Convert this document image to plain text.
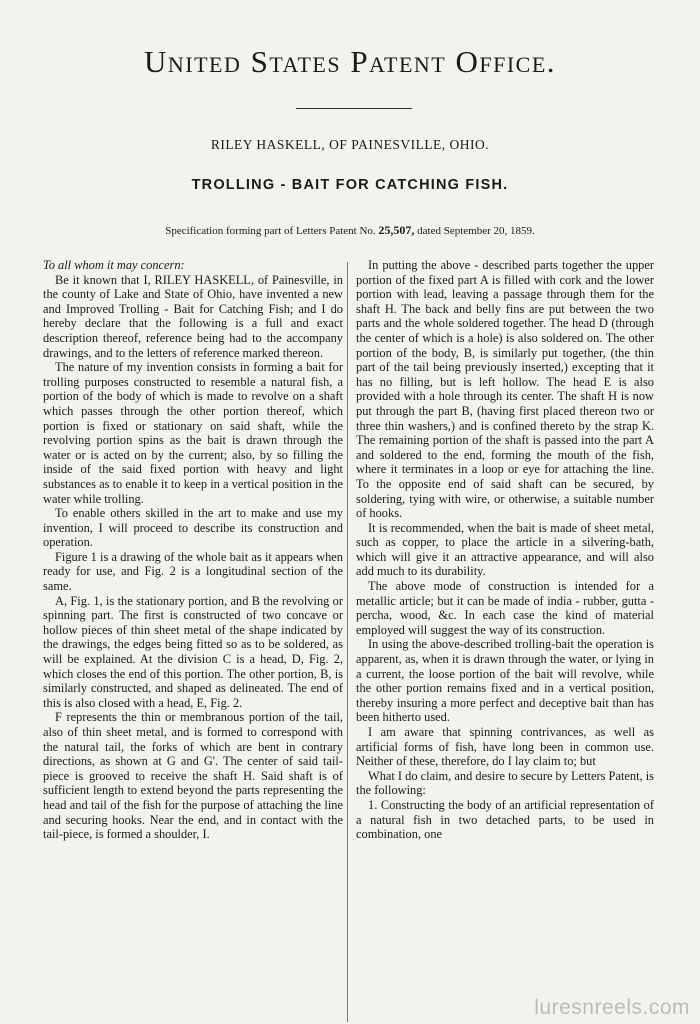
United States Patent Office.
RILEY HASKELL, OF PAINESVILLE, OHIO.
TROLLING - BAIT FOR CATCHING FISH.
Specification forming part of Letters Patent No. 25,507, dated September 20, 1859.

To all whom it may concern:

Be it known that I, RILEY HASKELL, of Painesville, in the county of Lake and State of Ohio, have invented a new and Improved Trolling - Bait for Catching Fish; and I do hereby declare that the following is a full and exact description thereof, reference being had to the accompany drawings, and to the letters of reference marked thereon.

The nature of my invention consists in forming a bait for trolling purposes constructed to resemble a natural fish, a portion of the body of which is made to revolve on a shaft which passes through the other portion thereof, which portion is fixed or stationary on said shaft, while the revolving portion spins as the bait is drawn through the water or is acted on by the current; also, by so filling the inside of the said fixed portion with heavy and light substances as to enable it to keep in a vertical position in the water while trolling.

To enable others skilled in the art to make and use my invention, I will proceed to describe its construction and operation.

Figure 1 is a drawing of the whole bait as it appears when ready for use, and Fig. 2 is a longitudinal section of the same.

A, Fig. 1, is the stationary portion, and B the revolving or spinning part. The first is constructed of two concave or hollow pieces of thin sheet metal of the shape indicated by the drawings, the edges being fitted so as to be soldered, as will be explained. At the division C is a head, D, Fig. 2, which closes the end of this portion. The other portion, B, is similarly constructed, and shaped as delineated. The end of this is also closed with a head, E, Fig. 2.

F represents the thin or membranous portion of the tail, also of thin sheet metal, and is formed to correspond with the natural tail, the forks of which are bent in contrary directions, as shown at G and G'. The center of said tail-piece is grooved to receive the shaft H. Said shaft is of sufficient length to extend beyond the parts representing the head and tail of the fish for the purpose of attaching the line and securing hooks. Near the end, and in contact with the tail-piece, is formed a shoulder, I.

In putting the above - described parts together the upper portion of the fixed part A is filled with cork and the lower portion with lead, leaving a passage through them for the shaft H. The back and belly fins are put between the two parts and the whole soldered together. The head D (through the center of which is a hole) is also soldered on. The other portion of the body, B, is similarly put together, (the thin part of the tail being previously inserted,) excepting that it has no filling, but is left hollow. The head E is also provided with a hole through its center. The shaft H is now put through the part B, (having first placed thereon two or three thin washers,) and is confined thereto by the strap K. The remaining portion of the shaft is passed into the part A and soldered to the end, forming the mouth of the fish, where it terminates in a loop or eye for attaching the line. To the opposite end of said shaft can be secured, by soldering, tying with wire, or otherwise, a suitable number of hooks.

It is recommended, when the bait is made of sheet metal, such as copper, to place the article in a silvering-bath, which will give it an attractive appearance, and will also add much to its durability.

The above mode of construction is intended for a metallic article; but it can be made of india - rubber, gutta - percha, wood, &c. In each case the kind of material employed will suggest the way of its construction.

In using the above-described trolling-bait the operation is apparent, as, when it is drawn through the water, or lying in a current, the loose portion of the bait will revolve, while the other portion remains fixed and in a vertical position, thereby insuring a more perfect and deceptive bait than has been hitherto used.

I am aware that spinning contrivances, as well as artificial forms of fish, have long been in common use. Neither of these, therefore, do I lay claim to; but

What I do claim, and desire to secure by Letters Patent, is the following:

1. Constructing the body of an artificial representation of a natural fish in two detached parts, to be used in combination, one

luresnreels.com
